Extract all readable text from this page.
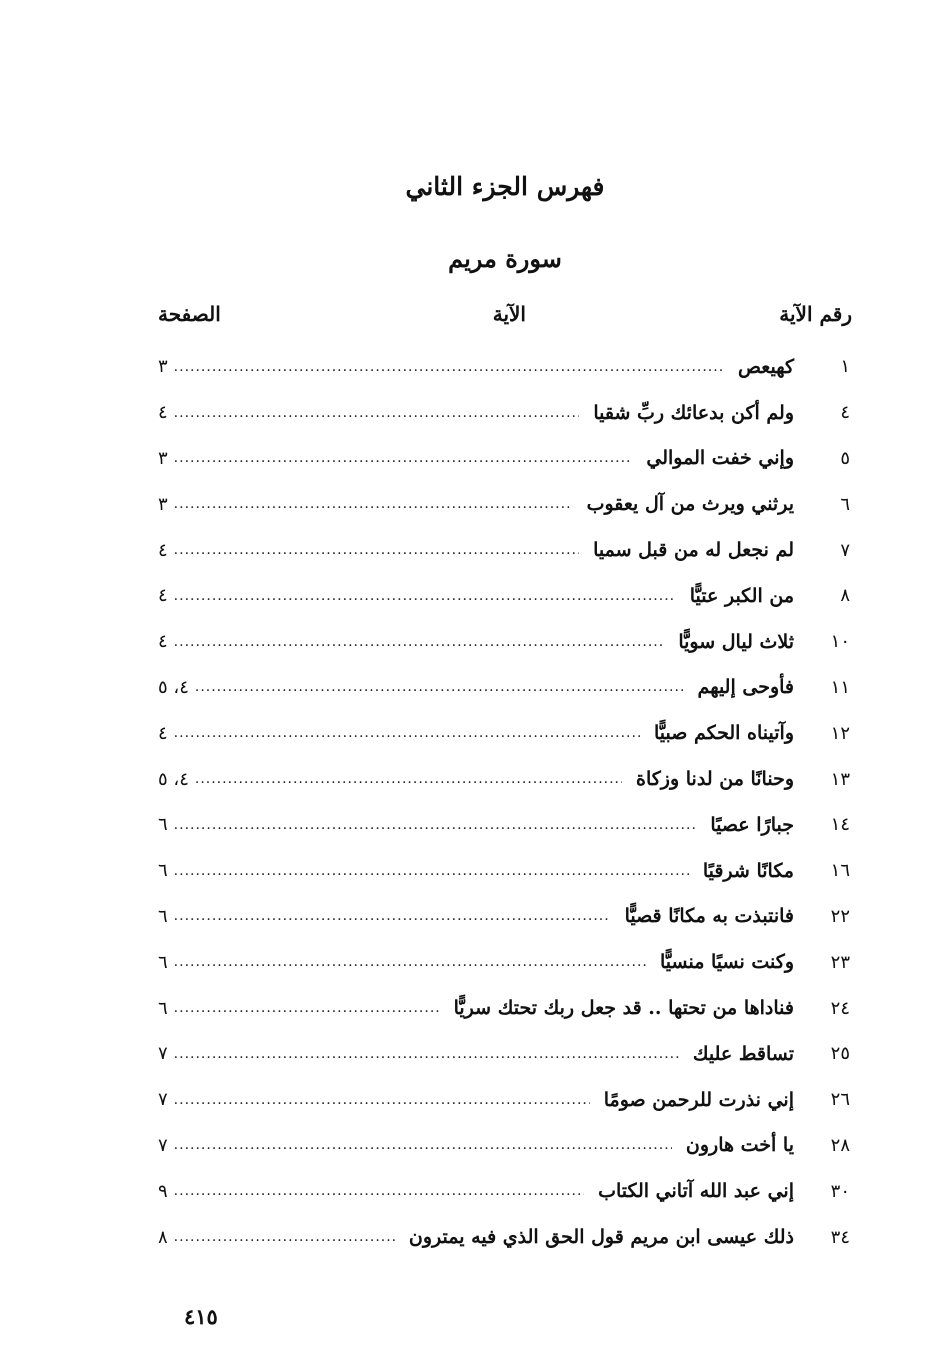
فهرس الجزء الثاني
سورة مريم
رقم الآية
الآية
الصفحة
١
كهيعص
.....
٣
٤
ولم أكن بدعائك ربِّ شقيا
.....
٤
٥
وإني خفت الموالي
.....
٣
٦
يرثني ويرث من آل يعقوب
.....
٣
٧
لم نجعل له من قبل سميا
.....
٤
٨
من الكبر عتيًّا
.....
٤
١٠
ثلاث ليال سويًّا
.....
٤
١١
فأوحى إليهم
.....
٤، ٥
١٢
وآتيناه الحكم صبيًّا
.....
٤
١٣
وحنانًا من لدنا وزكاة
.....
٤، ٥
١٤
جبارًا عصيًا
.....
٦
١٦
مكانًا شرقيًا
.....
٦
٢٢
فانتبذت به مكانًا قصيًّا
.....
٦
٢٣
وكنت نسيًا منسيًّا
.....
٦
٢٤
فناداها من تحتها .. قد جعل ربك تحتك سريًّا
.....
٦
٢٥
تساقط عليك
.....
٧
٢٦
إني نذرت للرحمن صومًا
.....
٧
٢٨
يا أخت هارون
.....
٧
٣٠
إني عبد الله آتاني الكتاب
.....
٩
٣٤
ذلك عيسى ابن مريم قول الحق الذي فيه يمترون
.....
٨
٤١٥
